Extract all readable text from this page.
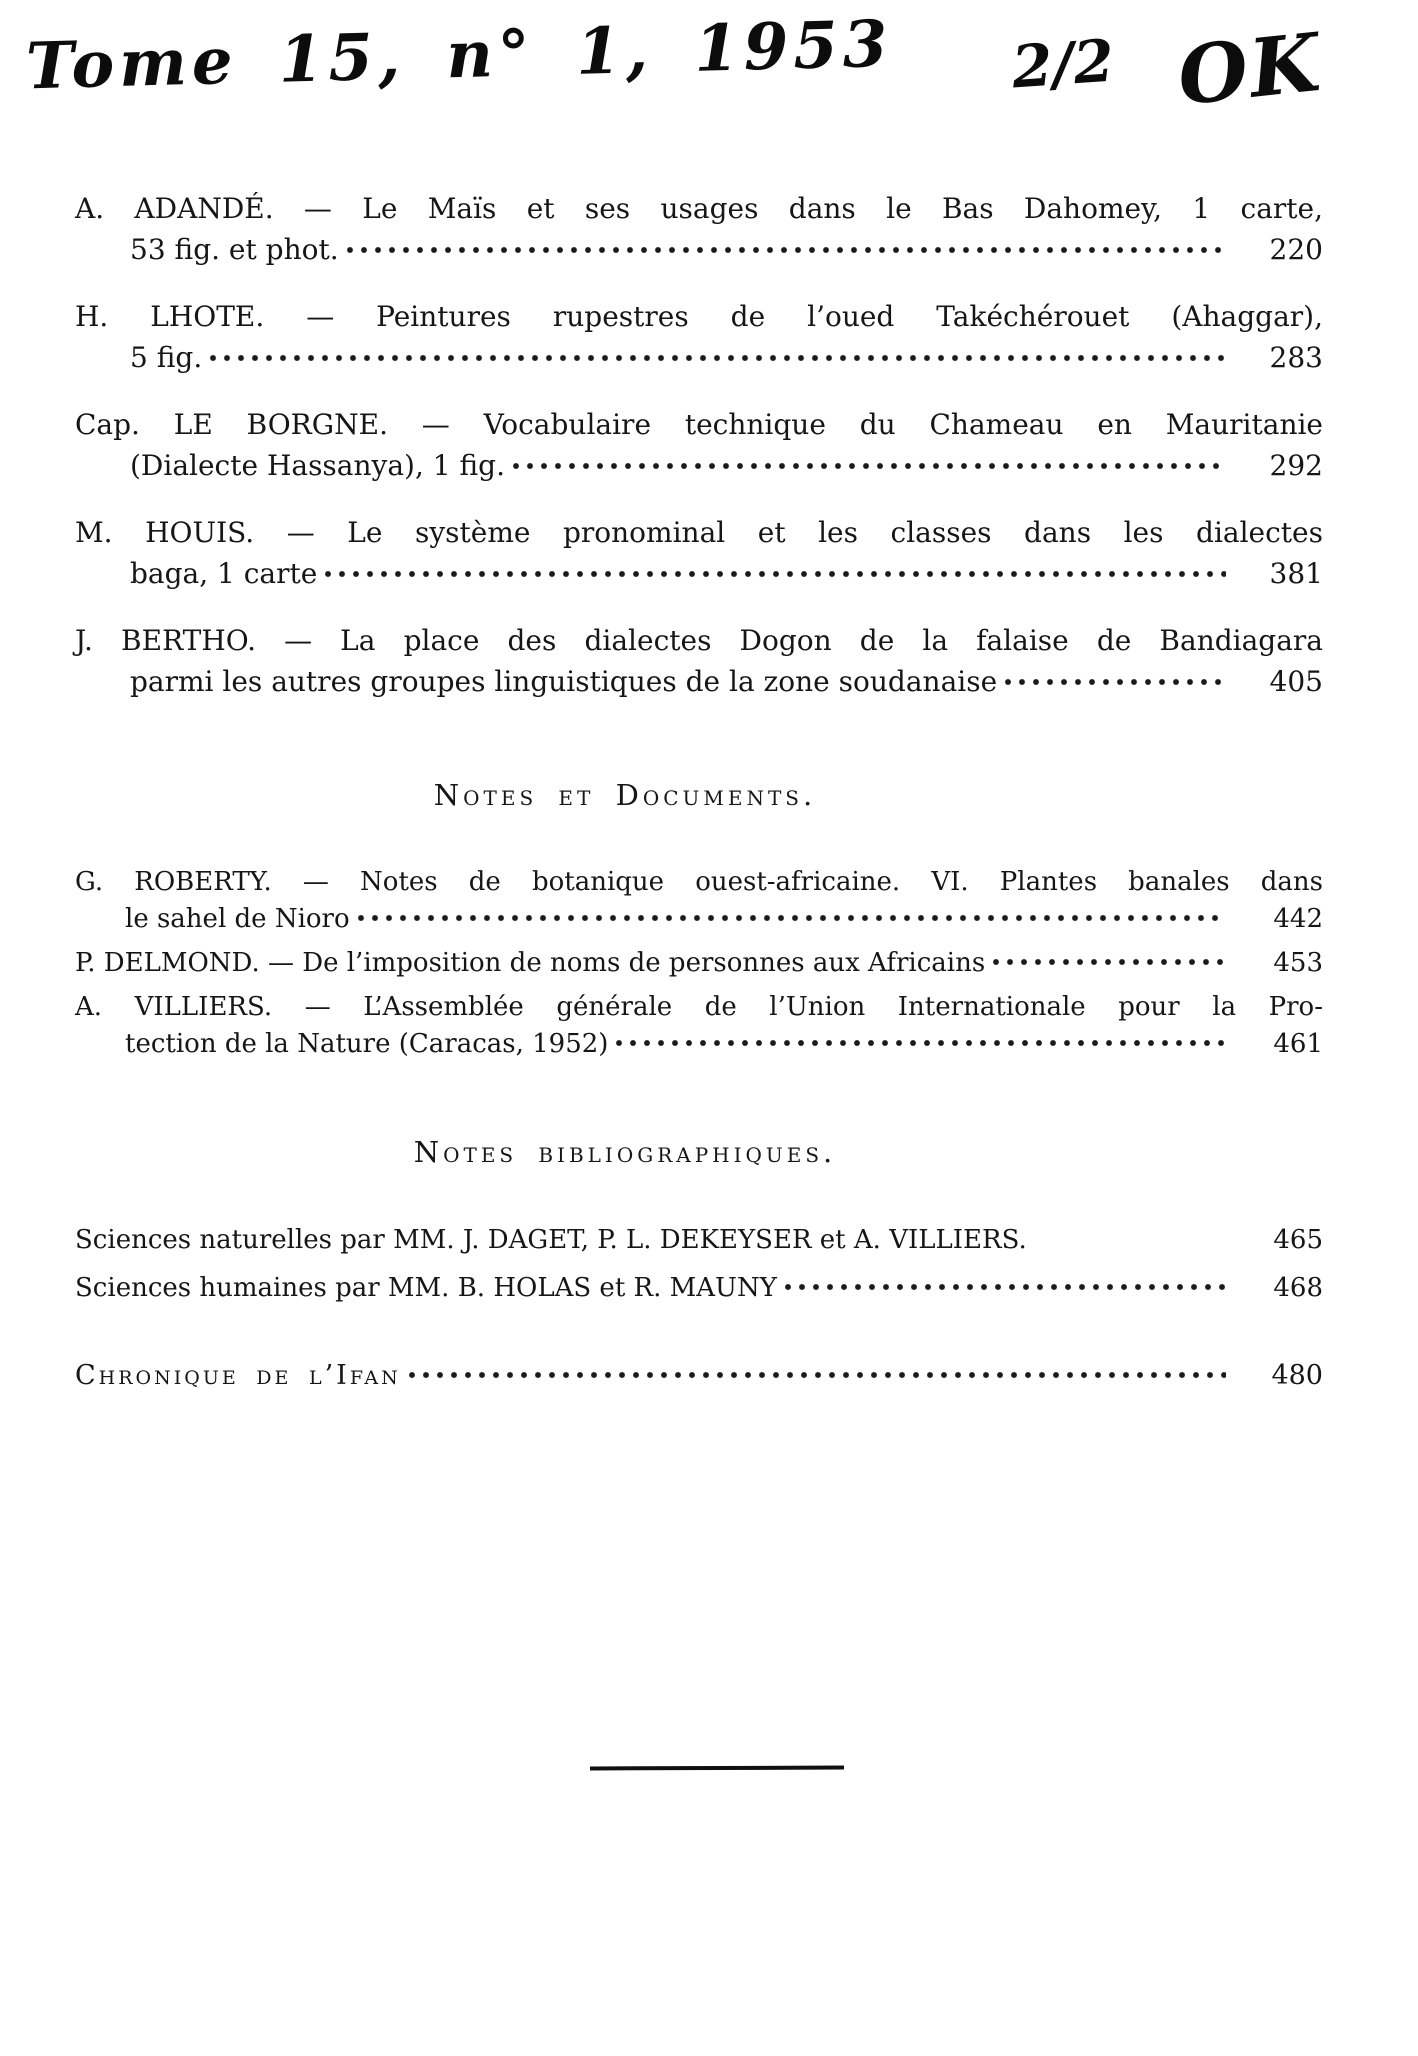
Tome 15, n° 1, 1953 2/2 OK
A. ADANDÉ. — Le Maïs et ses usages dans le Bas Dahomey, 1 carte,
53 fig. et phot.	220
H. LHOTE. — Peintures rupestres de l’oued Takéchérouet (Ahaggar),
5 fig.	283
Cap. LE BORGNE. — Vocabulaire technique du Chameau en Mauritanie
(Dialecte Hassanya), 1 fig.	292
M. HOUIS. — Le système pronominal et les classes dans les dialectes
baga, 1 carte	381
J. BERTHO. — La place des dialectes Dogon de la falaise de Bandiagara
parmi les autres groupes linguistiques de la zone soudanaise	405
Notes et Documents.
G. ROBERTY. — Notes de botanique ouest-africaine. VI. Plantes banales dans
le sahel de Nioro	442
P. DELMOND. — De l’imposition de noms de personnes aux Africains	453
A. VILLIERS. — L’Assemblée générale de l’Union Internationale pour la Pro-
tection de la Nature (Caracas, 1952)	461
Notes bibliographiques.
Sciences naturelles par MM. J. DAGET, P. L. DEKEYSER et A. VILLIERS.	465
Sciences humaines par MM. B. HOLAS et R. MAUNY	468
Chronique de l’Ifan	480
